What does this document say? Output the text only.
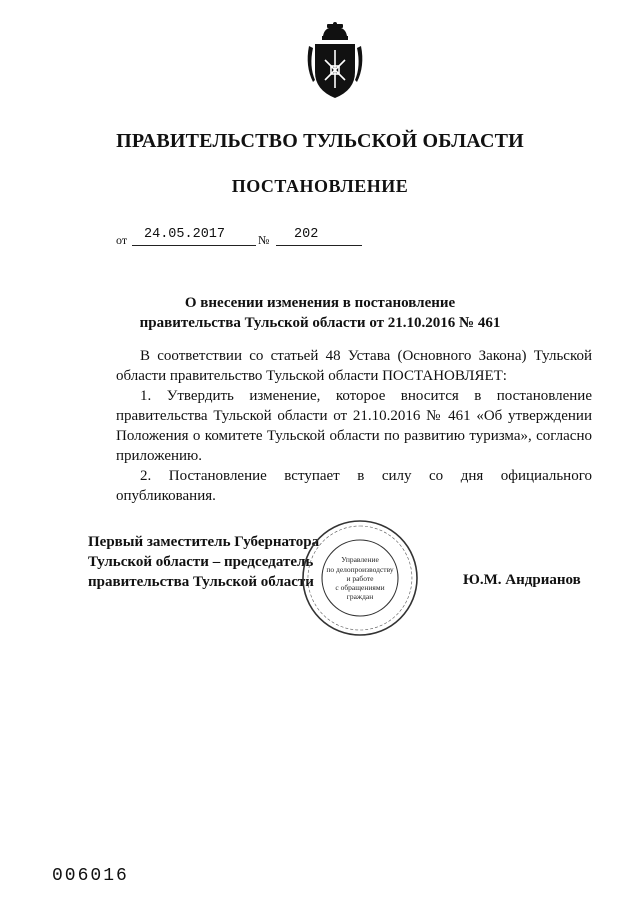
ПРАВИТЕЛЬСТВО ТУЛЬСКОЙ ОБЛАСТИ
ПОСТАНОВЛЕНИЕ
от 24.05.2017	№ 202
О внесении изменения в постановление
правительства Тульской области от 21.10.2016 № 461

В соответствии со статьей 48 Устава (Основного Закона) Тульской области правительство Тульской области ПОСТАНОВЛЯЕТ:

1. Утвердить изменение, которое вносится в постановление правительства Тульской области от 21.10.2016 № 461 «Об утверждении Положения о комитете Тульской области по развитию туризма», согласно приложению.

2. Постановление вступает в силу со дня официального опубликования.

Первый заместитель Губернатора
Тульской области – председатель
правительства Тульской области
Управление
по делопроизводству
и работе
с обращениями
граждан
Ю.М. Андрианов
006016
